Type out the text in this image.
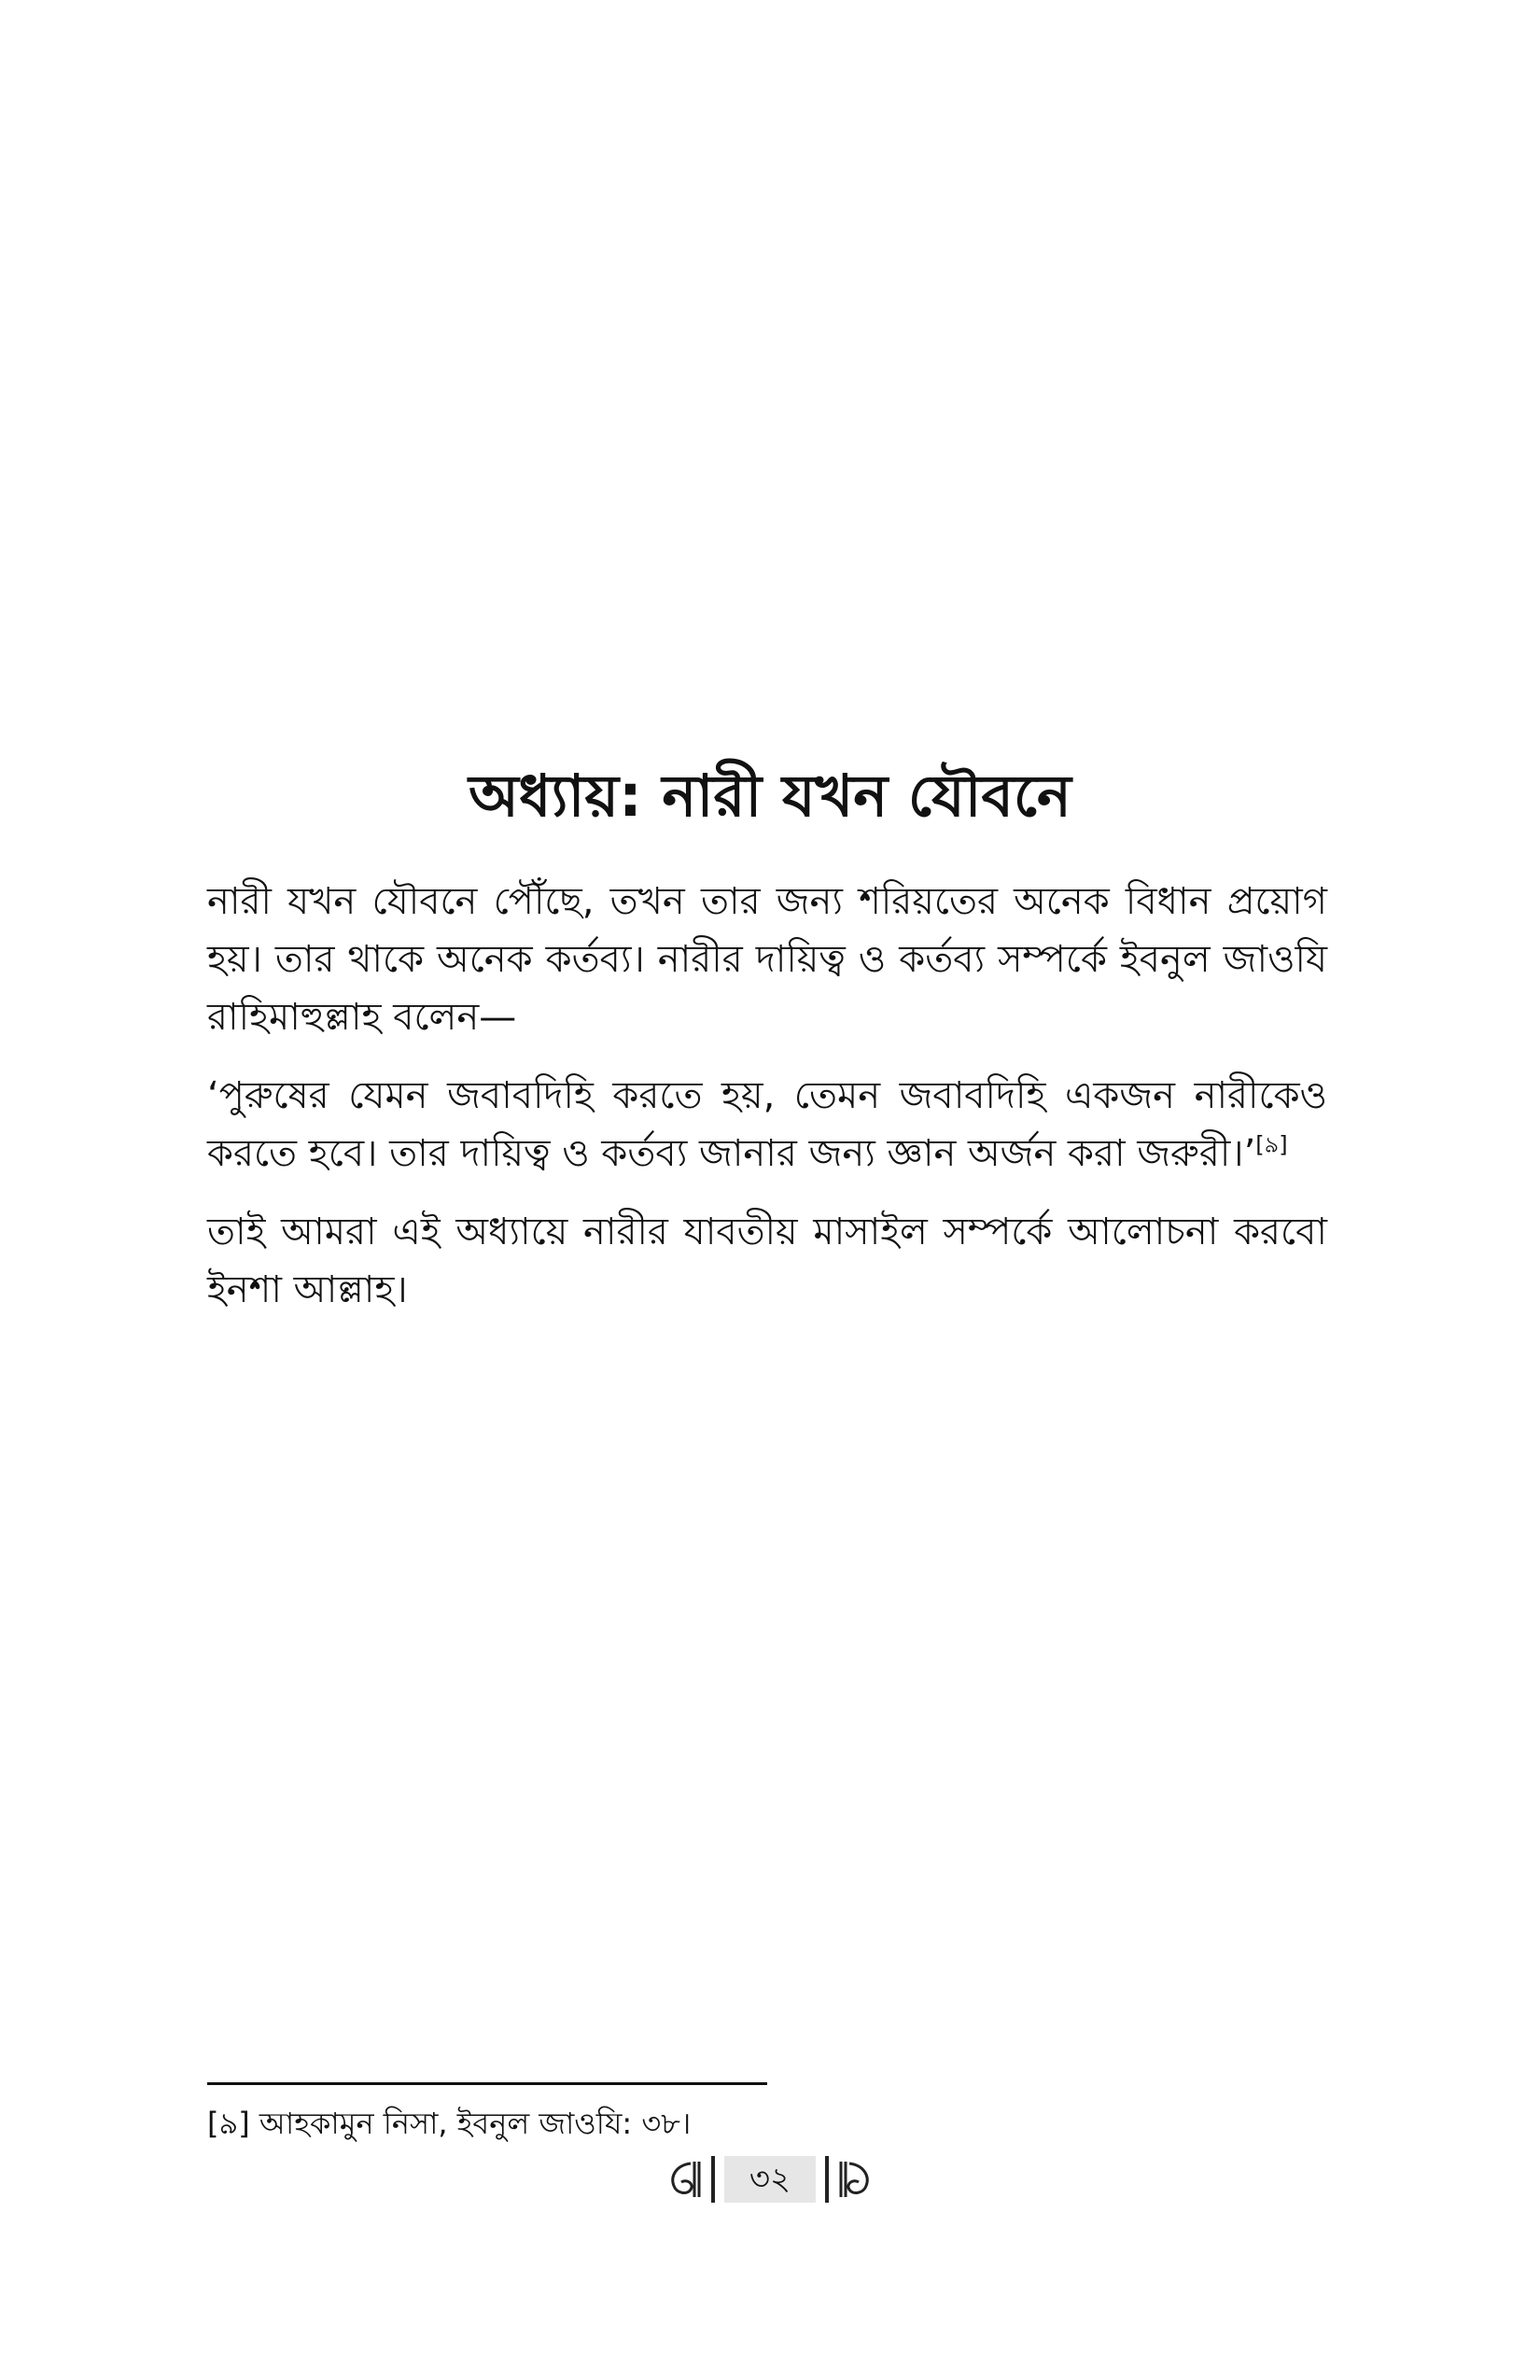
অধ্যায়: নারী যখন যৌবনে

নারী যখন যৌবনে পৌঁছে, তখন তার জন্য শরিয়তের অনেক বিধান প্রয়োগ হয়। তার থাকে অনেক কর্তব্য। নারীর দায়িত্ব ও কর্তব্য সম্পর্কে ইবনুল জাওযি রাহিমাহুল্লাহ বলেন—

‘পুরুষের যেমন জবাবদিহি করতে হয়, তেমন জবাবদিহি একজন নারীকেও করতে হবে। তার দায়িত্ব ও কর্তব্য জানার জন্য জ্ঞান অর্জন করা জরুরী।’[৯]

তাই আমরা এই অধ্যায়ে নারীর যাবতীয় মাসাইল সম্পর্কে আলোচনা করবো ইনশা আল্লাহ।

[৯] আহকামুন নিসা, ইবনুল জাওযি: ৩৮।
৩২
